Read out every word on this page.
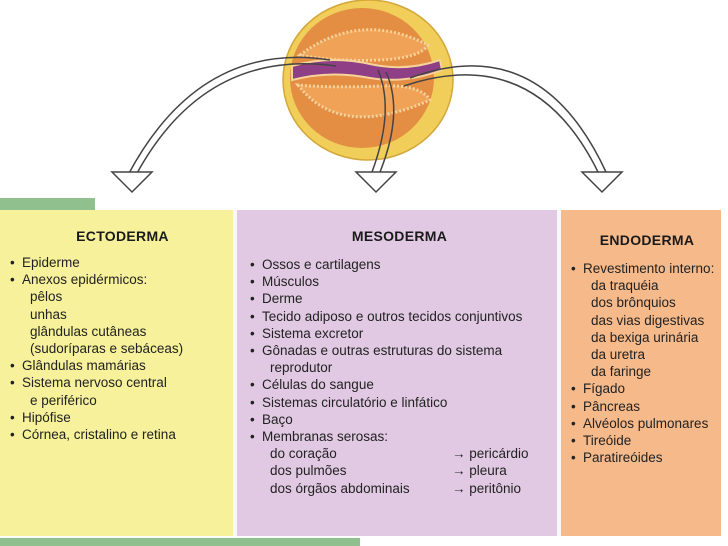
ECTODERMA
• Epiderme
• Anexos epidérmicos:
pêlos
unhas
glândulas cutâneas
(sudoríparas e sebáceas)
• Glândulas mamárias
• Sistema nervoso central
e periférico
• Hipófise
• Córnea, cristalino e retina
MESODERMA
• Ossos e cartilagens
• Músculos
• Derme
• Tecido adiposo e outros tecidos conjuntivos
• Sistema excretor
• Gônadas e outras estruturas do sistema
reprodutor
• Células do sangue
• Sistemas circulatório e linfático
• Baço
• Membranas serosas:
do coração	→ pericárdio
dos pulmões	→ pleura
dos órgãos abdominais	→ peritônio
ENDODERMA
• Revestimento interno:
da traquéia
dos brônquios
das vias digestivas
da bexiga urinária
da uretra
da faringe
• Fígado
• Pâncreas
• Alvéolos pulmonares
• Tireóide
• Paratireóides
